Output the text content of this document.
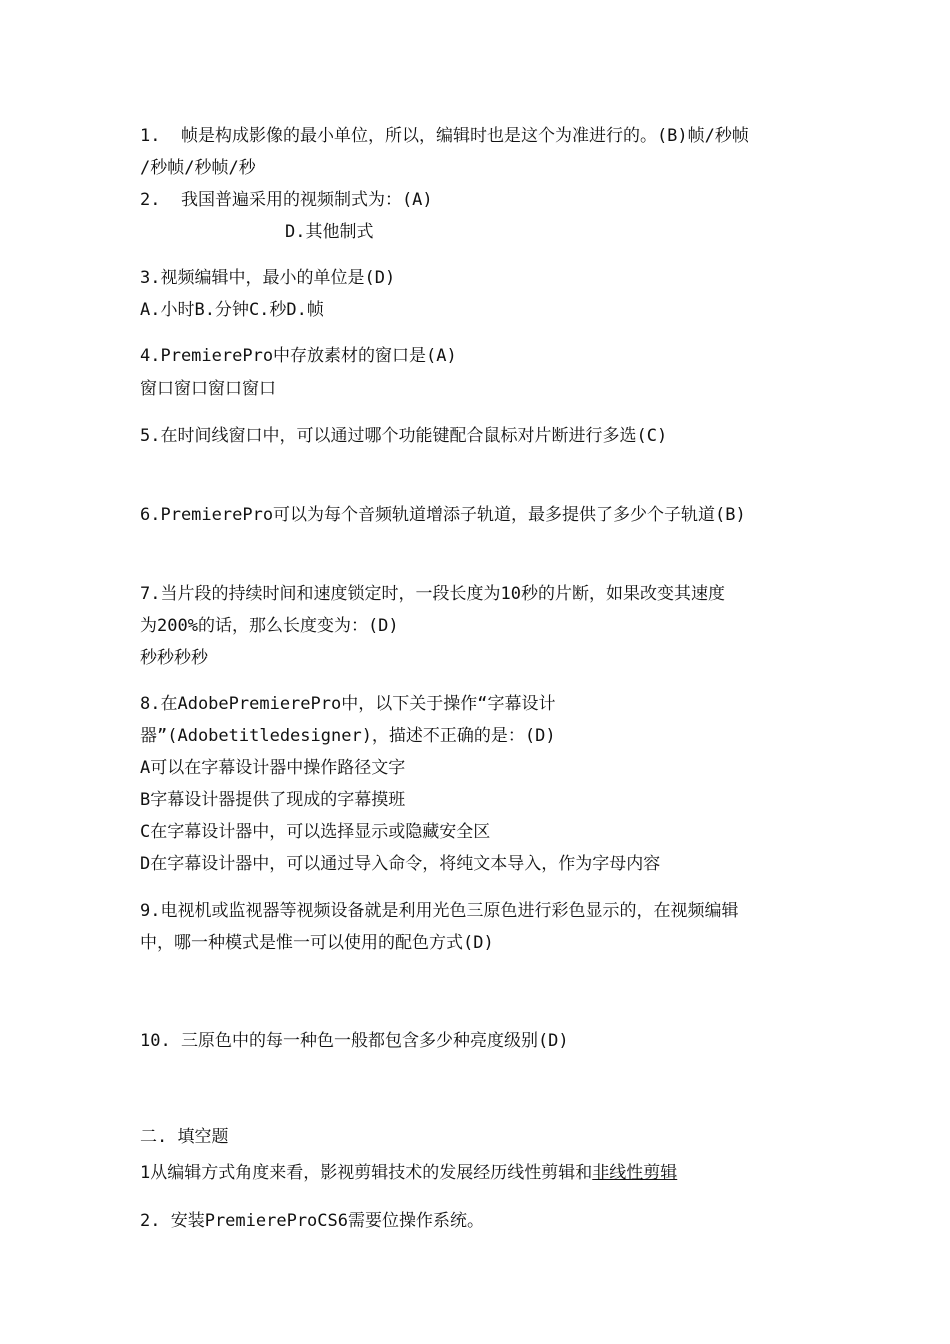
1.  帧是构成影像的最小单位，所以，编辑时也是这个为准进行的。(B)帧/秒帧
/秒帧/秒帧/秒
2.  我国普遍采用的视频制式为：(A)
D.其他制式
3.视频编辑中，最小的单位是(D)
A.小时B.分钟C.秒D.帧
4.PremierePro中存放素材的窗口是(A)
窗口窗口窗口窗口
5.在时间线窗口中，可以通过哪个功能键配合鼠标对片断进行多选(C)
6.PremierePro可以为每个音频轨道增添子轨道，最多提供了多少个子轨道(B)
7.当片段的持续时间和速度锁定时，一段长度为10秒的片断，如果改变其速度
为200%的话，那么长度变为：(D)
秒秒秒秒
8.在AdobePremierePro中，以下关于操作“字幕设计
器”(Adobetitledesigner)，描述不正确的是：(D)
A可以在字幕设计器中操作路径文字
B字幕设计器提供了现成的字幕摸班
C在字幕设计器中，可以选择显示或隐藏安全区
D在字幕设计器中，可以通过导入命令，将纯文本导入，作为字母内容
9.电视机或监视器等视频设备就是利用光色三原色进行彩色显示的，在视频编辑
中，哪一种模式是惟一可以使用的配色方式(D)
10. 三原色中的每一种色一般都包含多少种亮度级别(D)
二. 填空题
1从编辑方式角度来看，影视剪辑技术的发展经历线性剪辑和非线性剪辑
2. 安装PremiereProCS6需要位操作系统。
